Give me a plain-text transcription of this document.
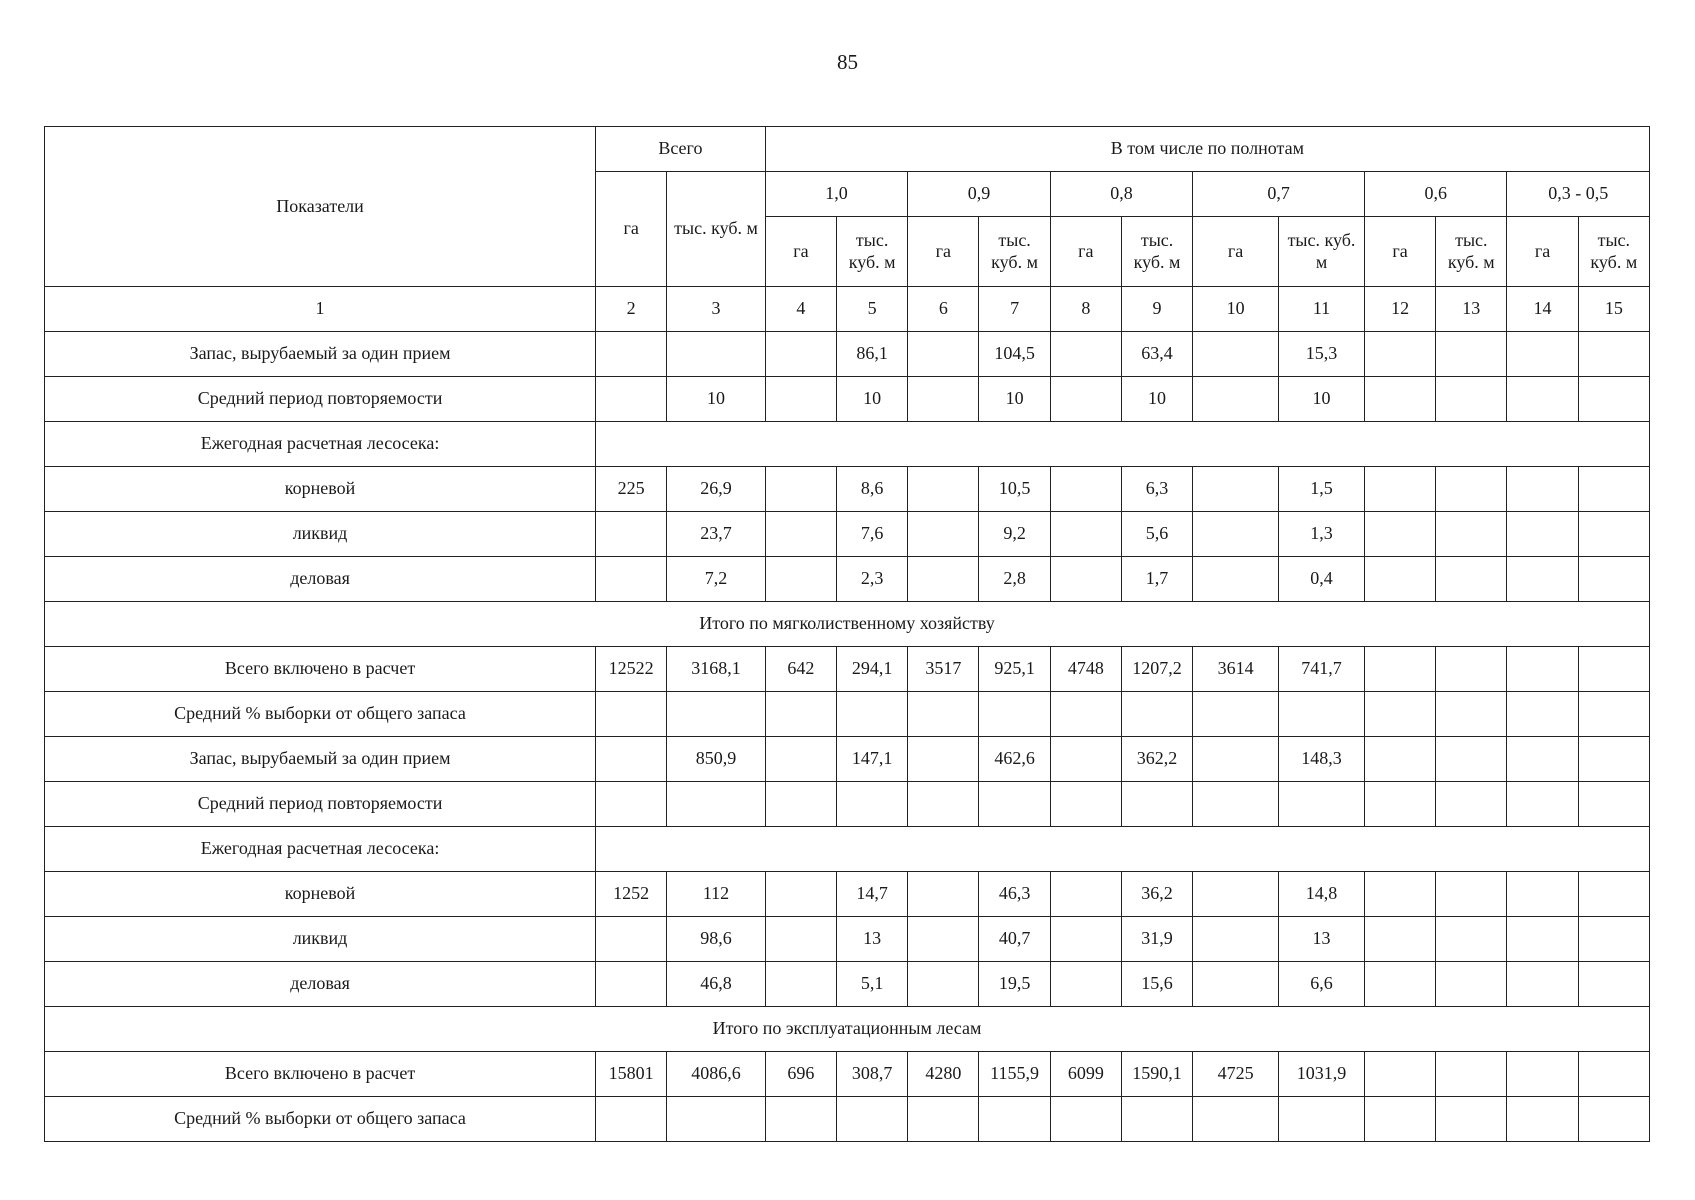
85
Показатели	Всего		В том числе по полнотам											
	га	тыс. куб. м	1,0		0,9		0,8		0,7		0,6		0,3 - 0,5	
			га	тыс. куб. м	га	тыс. куб. м	га	тыс. куб. м	га	тыс. куб. м	га	тыс. куб. м	га	тыс. куб. м
1	2	3	4	5	6	7	8	9	10	11	12	13	14	15
Запас, вырубаемый за один прием				86,1		104,5		63,4		15,3				
Средний период повторяемости		10		10		10		10		10				
Ежегодная расчетная лесосека:														
корневой	225	26,9		8,6		10,5		6,3		1,5				
ликвид		23,7		7,6		9,2		5,6		1,3				
деловая		7,2		2,3		2,8		1,7		0,4				
Итого по мягколиственному хозяйству														
Всего включено в расчет	12522	3168,1	642	294,1	3517	925,1	4748	1207,2	3614	741,7				
Средний % выборки от общего запаса														
Запас, вырубаемый за один прием		850,9		147,1		462,6		362,2		148,3				
Средний период повторяемости														
Ежегодная расчетная лесосека:														
корневой	1252	112		14,7		46,3		36,2		14,8				
ликвид		98,6		13		40,7		31,9		13				
деловая		46,8		5,1		19,5		15,6		6,6				
Итого по эксплуатационным лесам														
Всего включено в расчет	15801	4086,6	696	308,7	4280	1155,9	6099	1590,1	4725	1031,9				
Средний % выборки от общего запаса														
